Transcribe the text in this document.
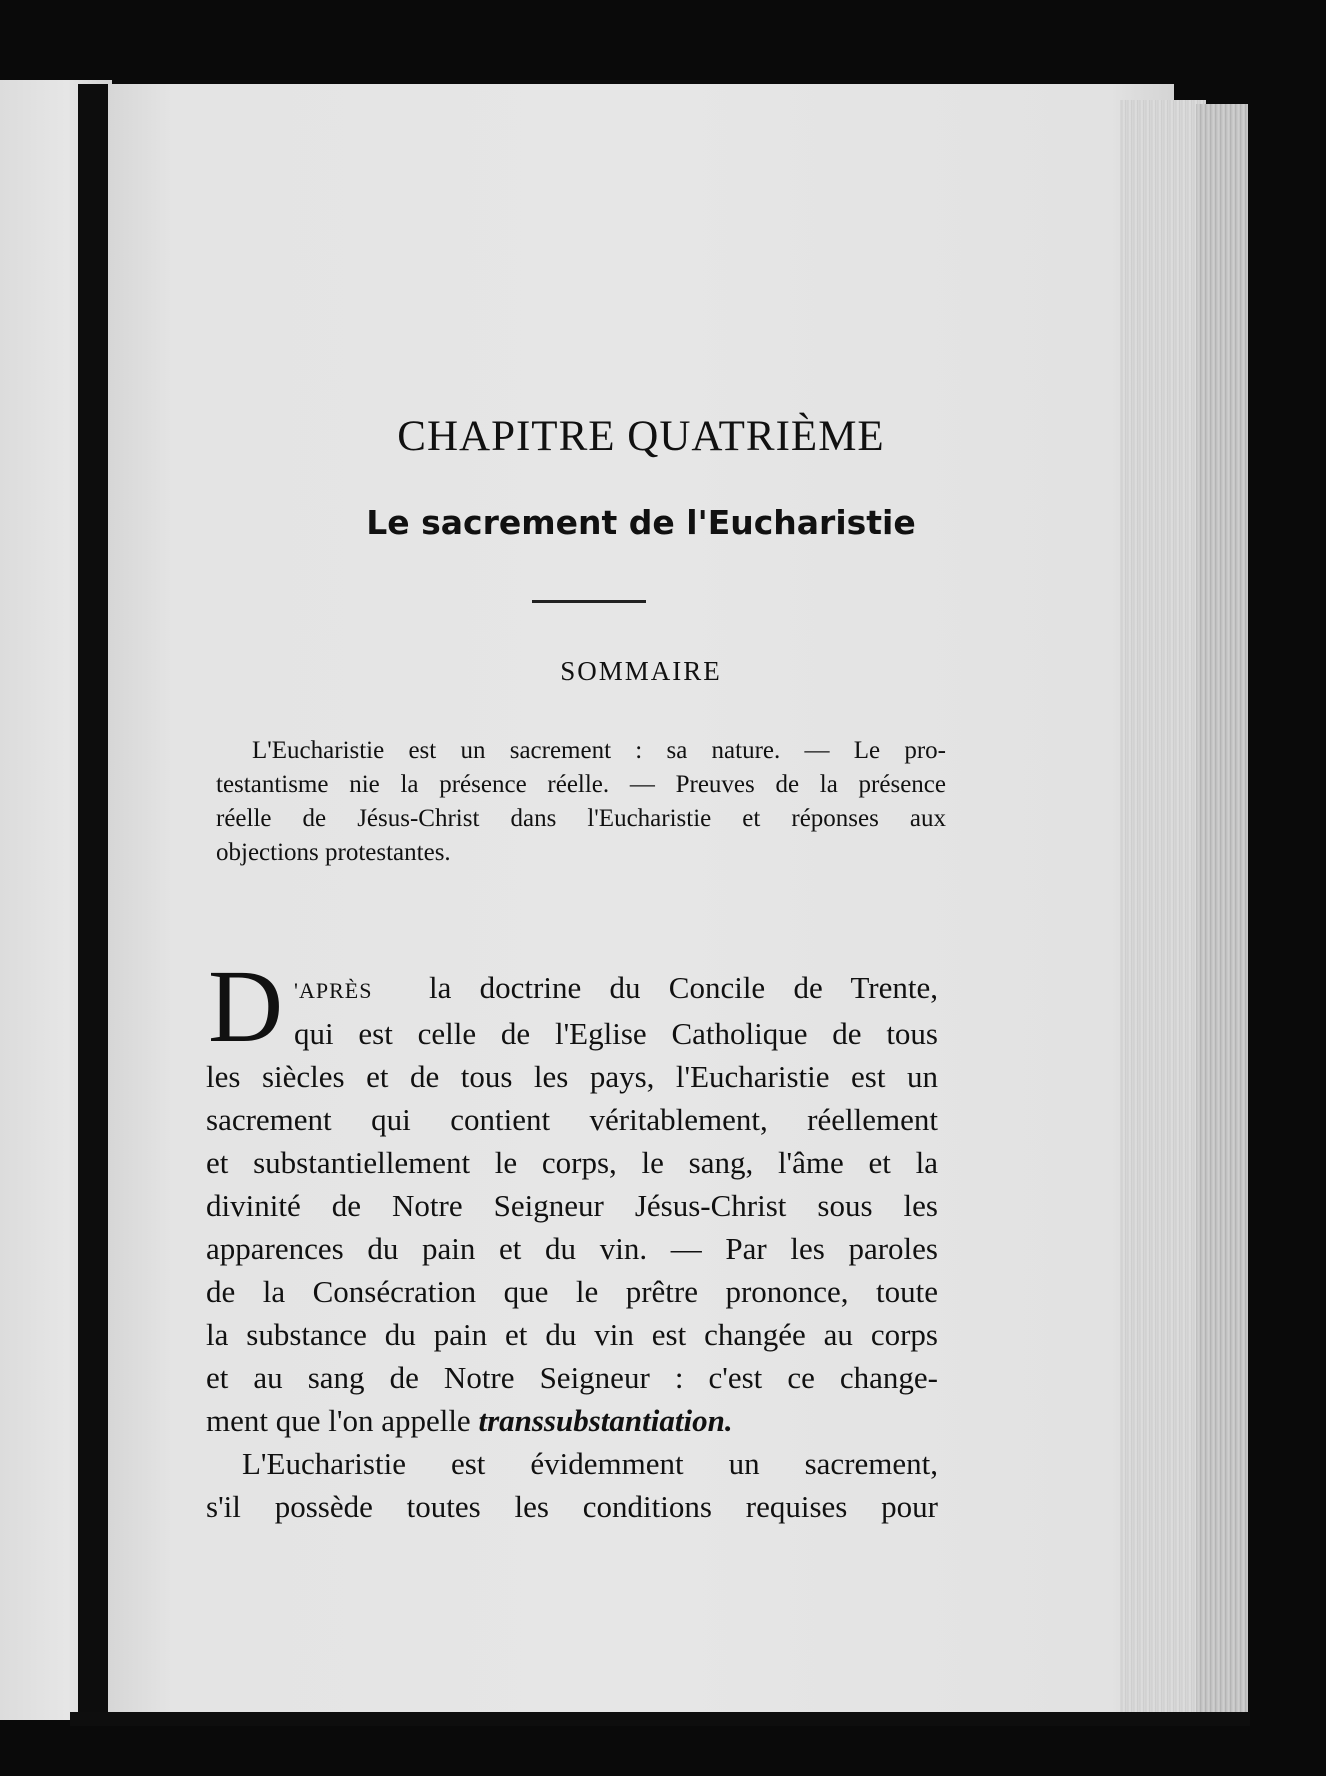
CHAPITRE QUATRIÈME
Le sacrement de l'Eucharistie
SOMMAIRE
L'Eucharistie est un sacrement : sa nature. — Le pro-
testantisme nie la présence réelle. — Preuves de la présence
réelle de Jésus-Christ dans l'Eucharistie et réponses aux
objections protestantes.
D 'APRÈS la doctrine du Concile de Trente,
qui est celle de l'Eglise Catholique de tous
les siècles et de tous les pays, l'Eucharistie est un
sacrement qui contient véritablement, réellement
et substantiellement le corps, le sang, l'âme et la
divinité de Notre Seigneur Jésus-Christ sous les
apparences du pain et du vin. — Par les paroles
de la Consécration que le prêtre prononce, toute
la substance du pain et du vin est changée au corps
et au sang de Notre Seigneur : c'est ce change-
ment que l'on appelle transsubstantiation.
L'Eucharistie est évidemment un sacrement,
s'il possède toutes les conditions requises pour
